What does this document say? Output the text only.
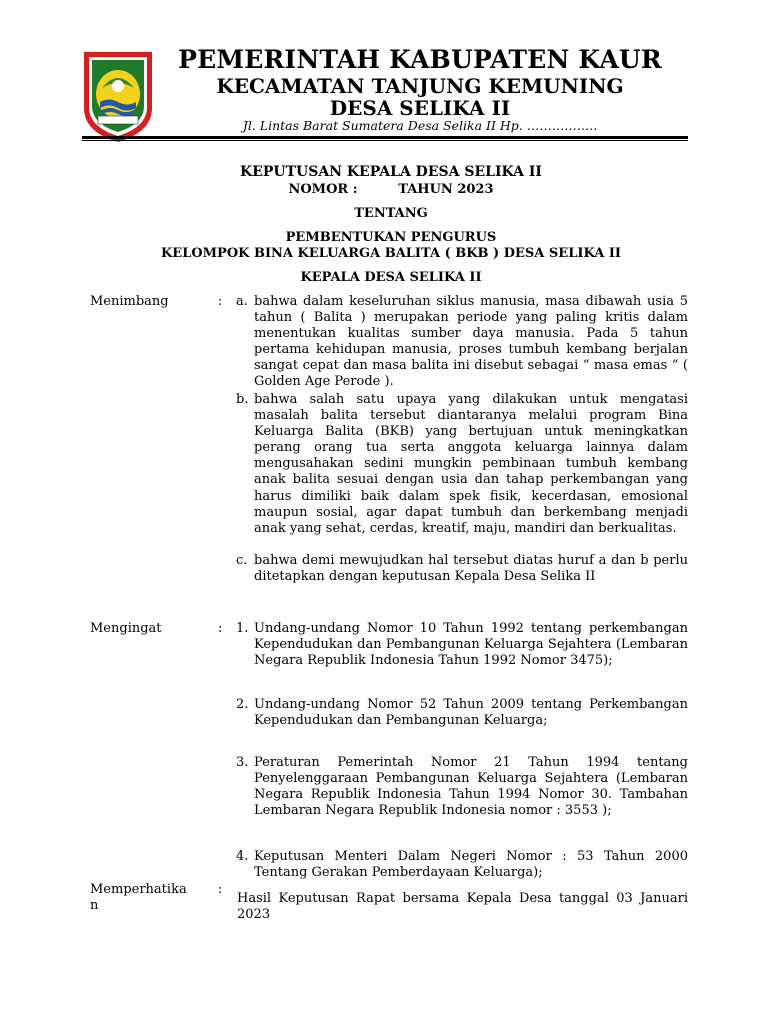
PEMERINTAH KABUPATEN KAUR
KECAMATAN TANJUNG KEMUNING
DESA SELIKA II
Jl. Lintas Barat Sumatera Desa Selika II Hp. ……………..
KEPUTUSAN KEPALA DESA SELIKA II
NOMOR :         TAHUN 2023
TENTANG
PEMBENTUKAN PENGURUS
KELOMPOK BINA KELUARGA BALITA ( BKB ) DESA SELIKA II
KEPALA DESA SELIKA II
Menimbang	: a. bahwa dalam keseluruhan siklus manusia, masa dibawah usia 5 tahun ( Balita ) merupakan periode yang paling kritis dalam menentukan kualitas sumber daya manusia. Pada 5 tahun pertama kehidupan manusia, proses tumbuh kembang berjalan sangat cepat dan masa balita ini disebut sebagai “ masa emas “ ( Golden Age Perode ).

b. bahwa salah satu upaya yang dilakukan untuk mengatasi masalah balita tersebut diantaranya melalui program Bina Keluarga Balita (BKB) yang bertujuan untuk meningkatkan perang orang tua serta anggota keluarga lainnya dalam mengusahakan sedini mungkin pembinaan tumbuh kembang anak balita sesuai dengan usia dan tahap perkembangan yang harus dimiliki baik dalam spek fisik, kecerdasan, emosional maupun sosial, agar dapat tumbuh dan berkembang menjadi anak yang sehat, cerdas, kreatif, maju, mandiri dan berkualitas.

c. bahwa demi mewujudkan hal tersebut diatas huruf a dan b perlu ditetapkan dengan keputusan Kepala Desa Selika II

Mengingat	: 1. Undang-undang Nomor 10 Tahun 1992 tentang perkembangan Kependudukan dan Pembangunan Keluarga Sejahtera (Lembaran Negara Republik Indonesia Tahun 1992 Nomor 3475);

2. Undang-undang Nomor 52 Tahun 2009 tentang Perkembangan Kependudukan dan Pembangunan Keluarga;

3. Peraturan Pemerintah Nomor 21 Tahun 1994 tentang Penyelenggaraan Pembangunan Keluarga Sejahtera (Lembaran Negara Republik Indonesia Tahun 1994 Nomor 30. Tambahan Lembaran Negara Republik Indonesia nomor : 3553 );

4. Keputusan Menteri Dalam Negeri Nomor : 53 Tahun 2000 Tentang Gerakan Pemberdayaan Keluarga);

Memperhatika
n
:

Hasil Keputusan Rapat bersama Kepala Desa tanggal 03 Januari 2023
